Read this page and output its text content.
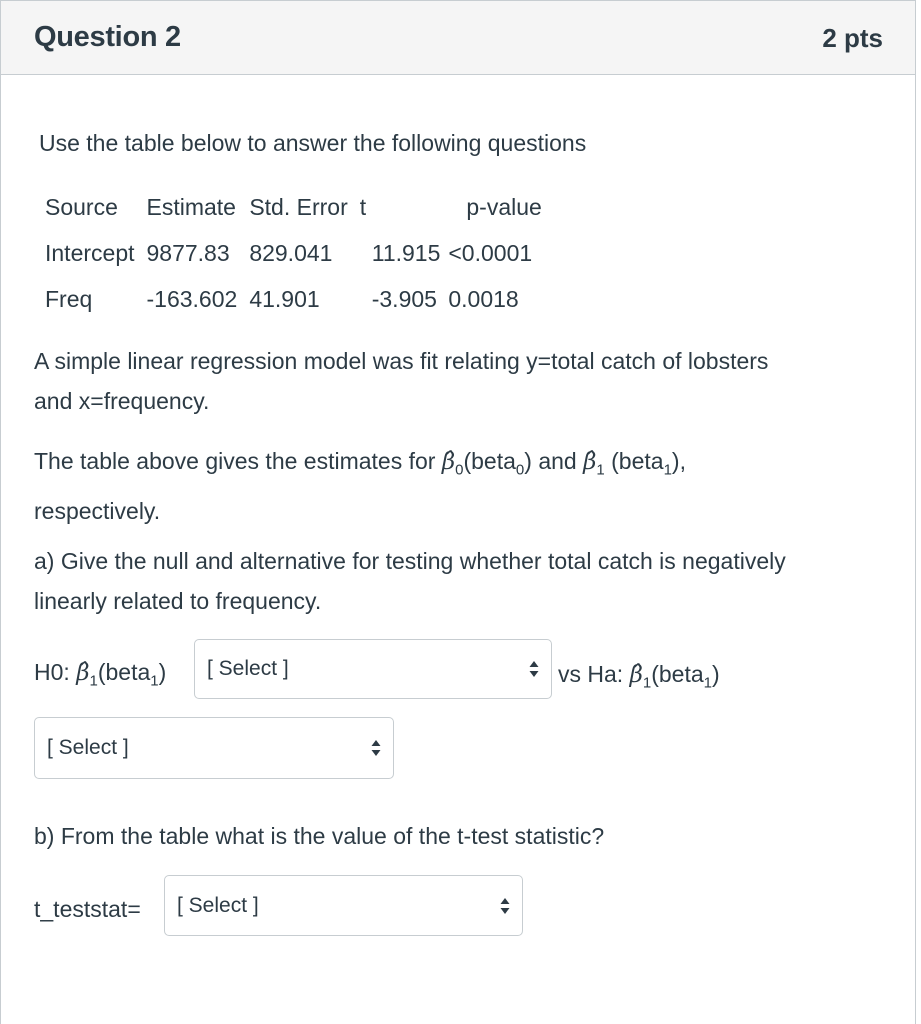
Question 2	2 pts
Use the table below to answer the following questions
Source	Estimate	Std. Error	t	p-value
Intercept	9877.83	829.041	11.915	<0.0001
Freq	-163.602	41.901	-3.905	0.0018
A simple linear regression model was fit relating y=total catch of lobsters
and x=frequency.
The table above gives the estimates for $\betâ_0(beta_0)$ and $\betâ_1$ (beta$_1$),
respectively.
a) Give the null and alternative for testing whether total catch is negatively
linearly related to frequency.
H0: $\betâ_1(beta_1)$ [ Select ]	vs Ha: $\betâ_1(beta_1)$
[ Select ]
b) From the table what is the value of the t-test statistic?
t_teststat= [ Select ]
